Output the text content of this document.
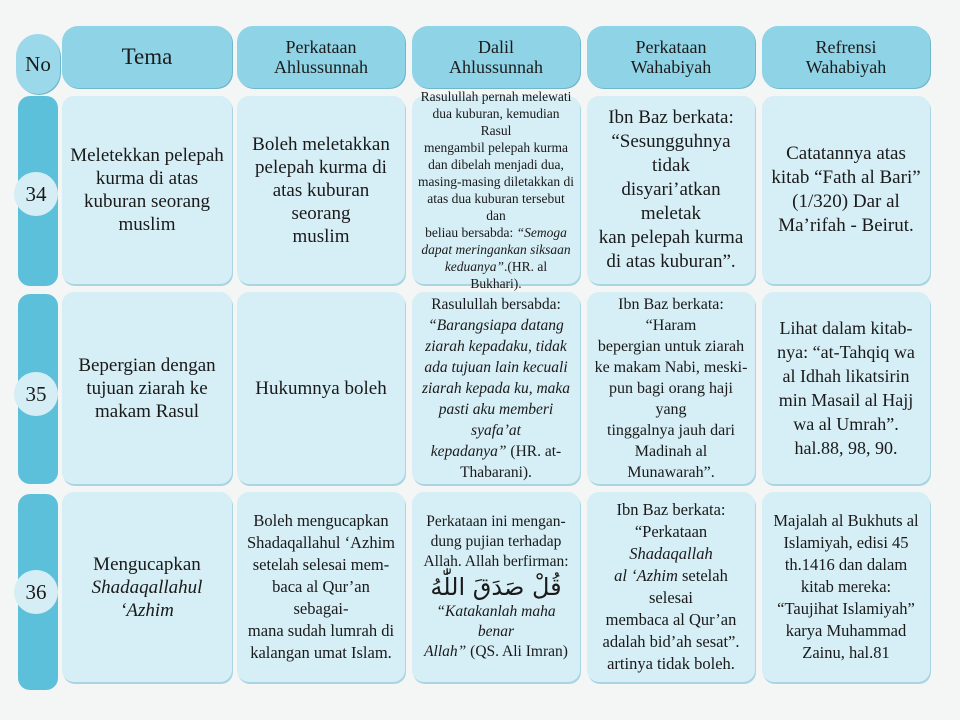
No	Tema	Perkataan
Ahlussunnah
Dalil
Ahlussunnah
Perkataan
Wahabiyah
Refrensi
Wahabiyah
34

Meletekkan pelepah

kurma di atas

kuburan seorang

muslim

Boleh meletakkan

pelepah kurma di

atas kuburan seorang

muslim

Rasulullah pernah melewati

dua kuburan, kemudian Rasul

mengambil pelepah kurma

dan dibelah menjadi dua,

masing-masing diletakkan di

atas dua kuburan tersebut dan

beliau bersabda: “Semoga

dapat meringankan siksaan

keduanya”.(HR. al Bukhari).

Ibn Baz berkata:

“Sesungguhnya tidak

disyari’atkan meletak

kan pelepah kurma

di atas kuburan”.

Catatannya atas

kitab “Fath al Bari”

(1/320) Dar al

Ma’rifah - Beirut.

35

Bepergian dengan

tujuan ziarah ke

makam Rasul

Hukumnya boleh

Rasulullah bersabda:

“Barangsiapa datang

ziarah kepadaku, tidak

ada tujuan lain kecuali

ziarah kepada ku, maka

pasti aku memberi syafa’at

kepadanya” (HR. at-

Thabarani).

Ibn Baz berkata: “Haram

bepergian untuk ziarah

ke makam Nabi, meski-

pun bagi orang haji yang

tinggalnya jauh dari

Madinah al Munawarah”.

Lihat dalam kitab-

nya: “at-Tahqiq wa

al Idhah likatsirin

min Masail al Hajj

wa al Umrah”.

hal.88, 98, 90.

36

Mengucapkan

Shadaqallahul

‘Azhim

Boleh mengucapkan

Shadaqallahul ‘Azhim

setelah selesai mem-

baca al Qur’an sebagai-

mana sudah lumrah di

kalangan umat Islam.

Perkataan ini mengan-

dung pujian terhadap

Allah. Allah berfirman:

قُلْ صَدَقَ اللّٰهُ

“Katakanlah maha benar

Allah” (QS. Ali Imran)

Ibn Baz berkata:

“Perkataan Shadaqallah

al ‘Azhim setelah selesai

membaca al Qur’an

adalah bid’ah sesat”.

artinya tidak boleh.

Majalah al Bukhuts al

Islamiyah, edisi 45

th.1416 dan dalam

kitab mereka:

“Taujihat Islamiyah”

karya Muhammad

Zainu, hal.81
